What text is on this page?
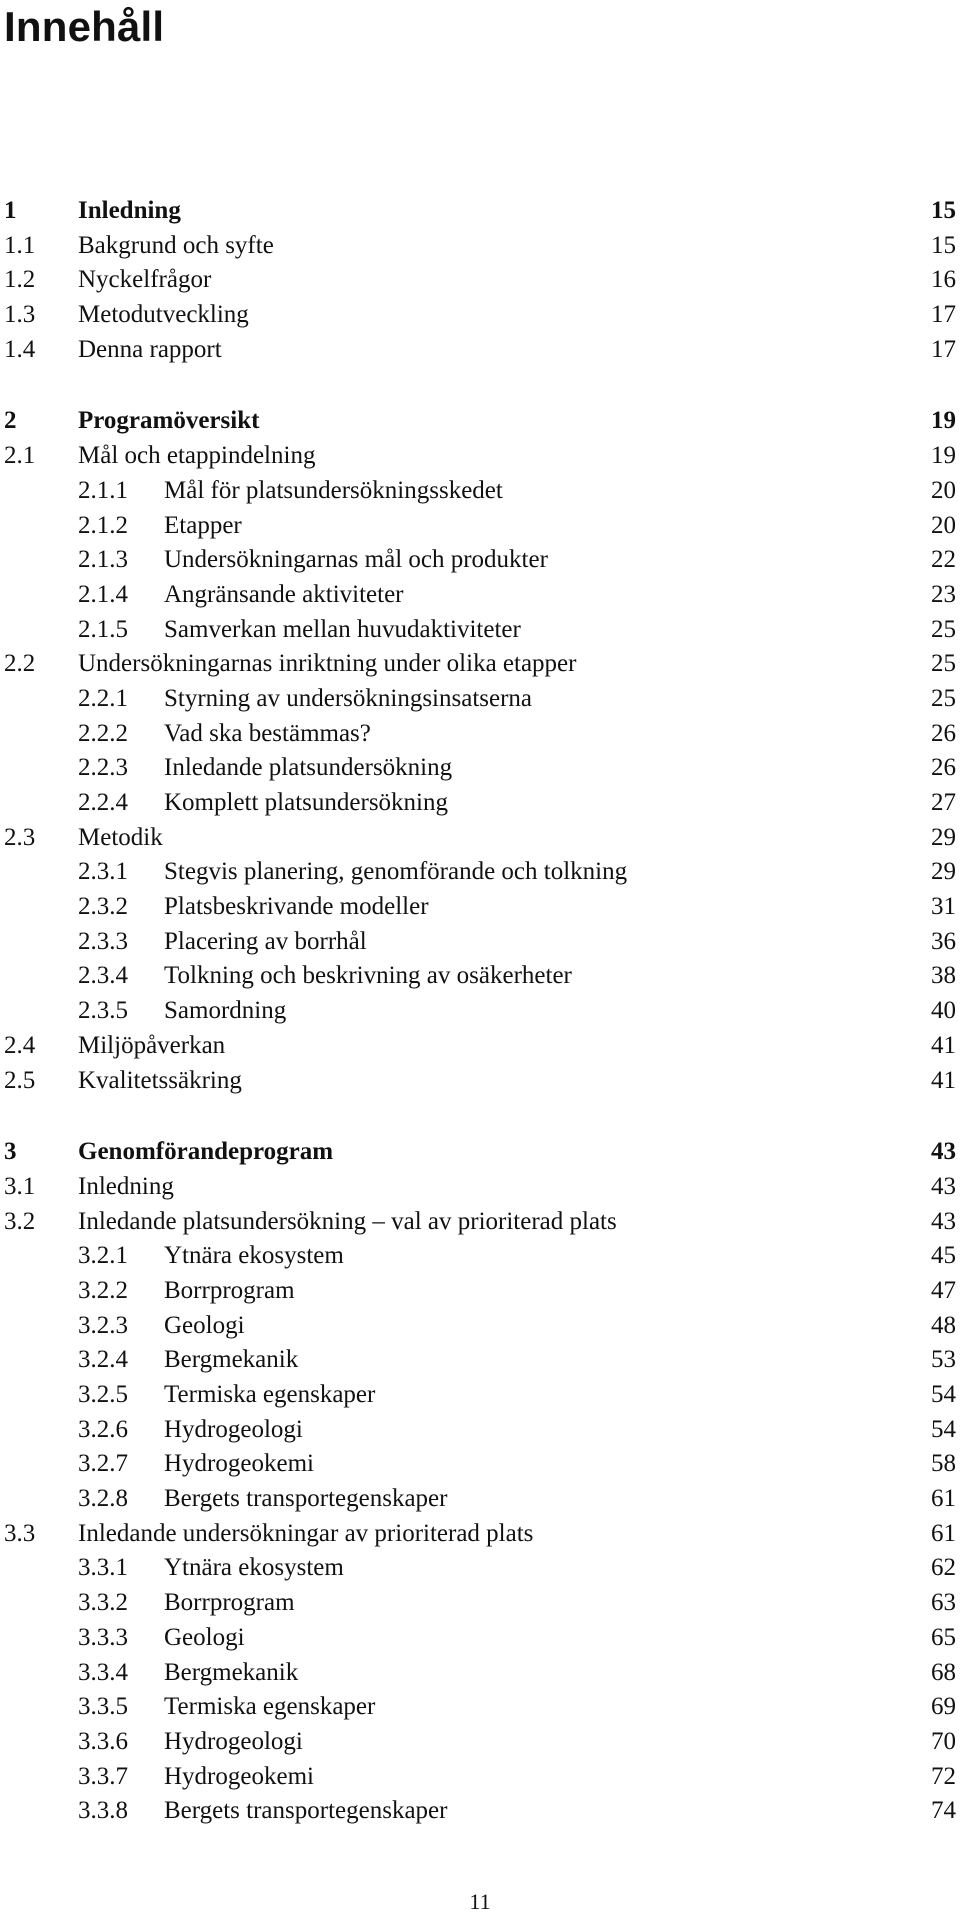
Innehåll
1 Inledning	15
1.1 Bakgrund och syfte	15
1.2 Nyckelfrågor	16
1.3 Metodutveckling	17
1.4 Denna rapport	17
2 Programöversikt	19
2.1 Mål och etappindelning	19
2.1.1 Mål för platsundersökningsskedet	20
2.1.2 Etapper	20
2.1.3 Undersökningarnas mål och produkter	22
2.1.4 Angränsande aktiviteter	23
2.1.5 Samverkan mellan huvudaktiviteter	25
2.2 Undersökningarnas inriktning under olika etapper	25
2.2.1 Styrning av undersökningsinsatserna	25
2.2.2 Vad ska bestämmas?	26
2.2.3 Inledande platsundersökning	26
2.2.4 Komplett platsundersökning	27
2.3 Metodik	29
2.3.1 Stegvis planering, genomförande och tolkning	29
2.3.2 Platsbeskrivande modeller	31
2.3.3 Placering av borrhål	36
2.3.4 Tolkning och beskrivning av osäkerheter	38
2.3.5 Samordning	40
2.4 Miljöpåverkan	41
2.5 Kvalitetssäkring	41
3 Genomförandeprogram	43
3.1 Inledning	43
3.2 Inledande platsundersökning – val av prioriterad plats	43
3.2.1 Ytnära ekosystem	45
3.2.2 Borrprogram	47
3.2.3 Geologi	48
3.2.4 Bergmekanik	53
3.2.5 Termiska egenskaper	54
3.2.6 Hydrogeologi	54
3.2.7 Hydrogeokemi	58
3.2.8 Bergets transportegenskaper	61
3.3 Inledande undersökningar av prioriterad plats	61
3.3.1 Ytnära ekosystem	62
3.3.2 Borrprogram	63
3.3.3 Geologi	65
3.3.4 Bergmekanik	68
3.3.5 Termiska egenskaper	69
3.3.6 Hydrogeologi	70
3.3.7 Hydrogeokemi	72
3.3.8 Bergets transportegenskaper	74
11
